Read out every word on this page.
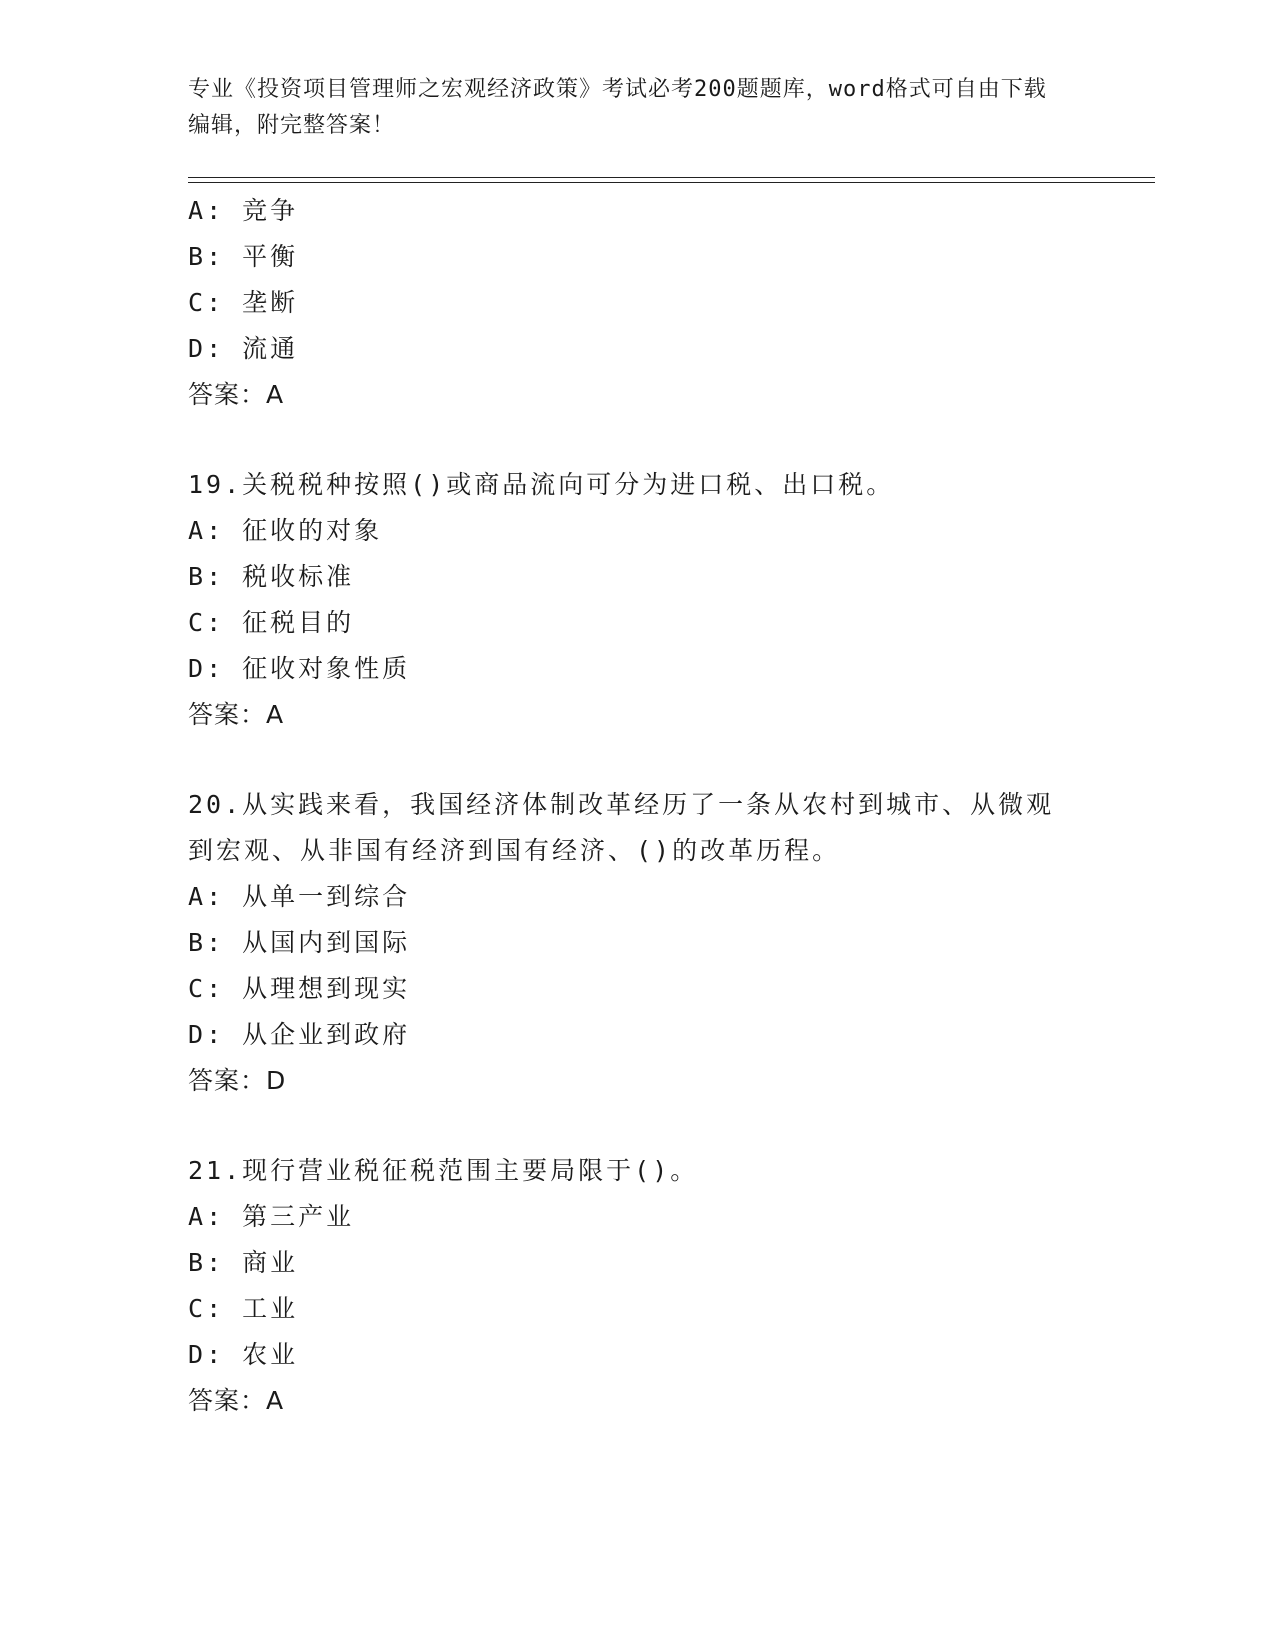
专业《投资项目管理师之宏观经济政策》考试必考200题题库，word格式可自由下载编辑，附完整答案！

A: 竞争

B: 平衡

C: 垄断

D: 流通

答案：A

19.关税税种按照()或商品流向可分为进口税、出口税。

A: 征收的对象

B: 税收标准

C: 征税目的

D: 征收对象性质

答案：A

20.从实践来看，我国经济体制改革经历了一条从农村到城市、从微观到宏观、从非国有经济到国有经济、()的改革历程。

A: 从单一到综合

B: 从国内到国际

C: 从理想到现实

D: 从企业到政府

答案：D

21.现行营业税征税范围主要局限于()。

A: 第三产业

B: 商业

C: 工业

D: 农业

答案：A
